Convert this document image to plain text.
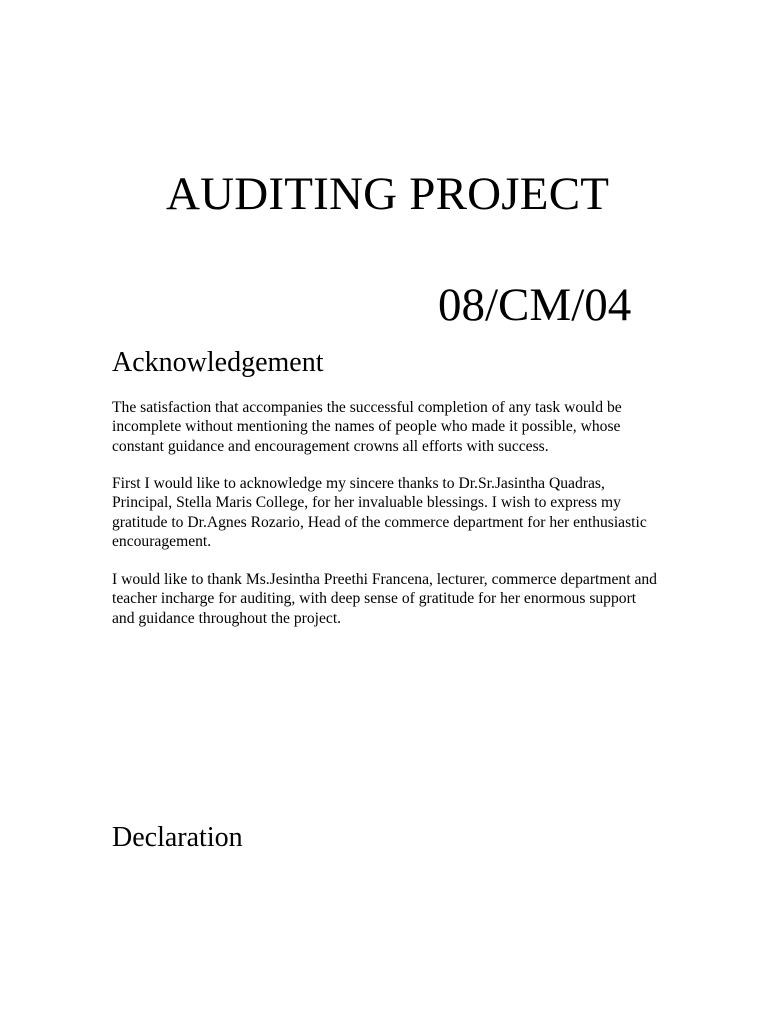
AUDITING PROJECT
08/CM/04
Acknowledgement

The satisfaction that accompanies the successful completion of any task would be incomplete without mentioning the names of people who made it possible, whose constant guidance and encouragement crowns all efforts with success.

First I would like to acknowledge my sincere thanks to Dr.Sr.Jasintha Quadras, Principal, Stella Maris College, for her invaluable blessings. I wish to express my gratitude to Dr.Agnes Rozario, Head of the commerce department for her enthusiastic encouragement.

I would like to thank Ms.Jesintha Preethi Francena, lecturer, commerce department and teacher incharge for auditing, with deep sense of gratitude for her enormous support and guidance throughout the project.

Declaration
